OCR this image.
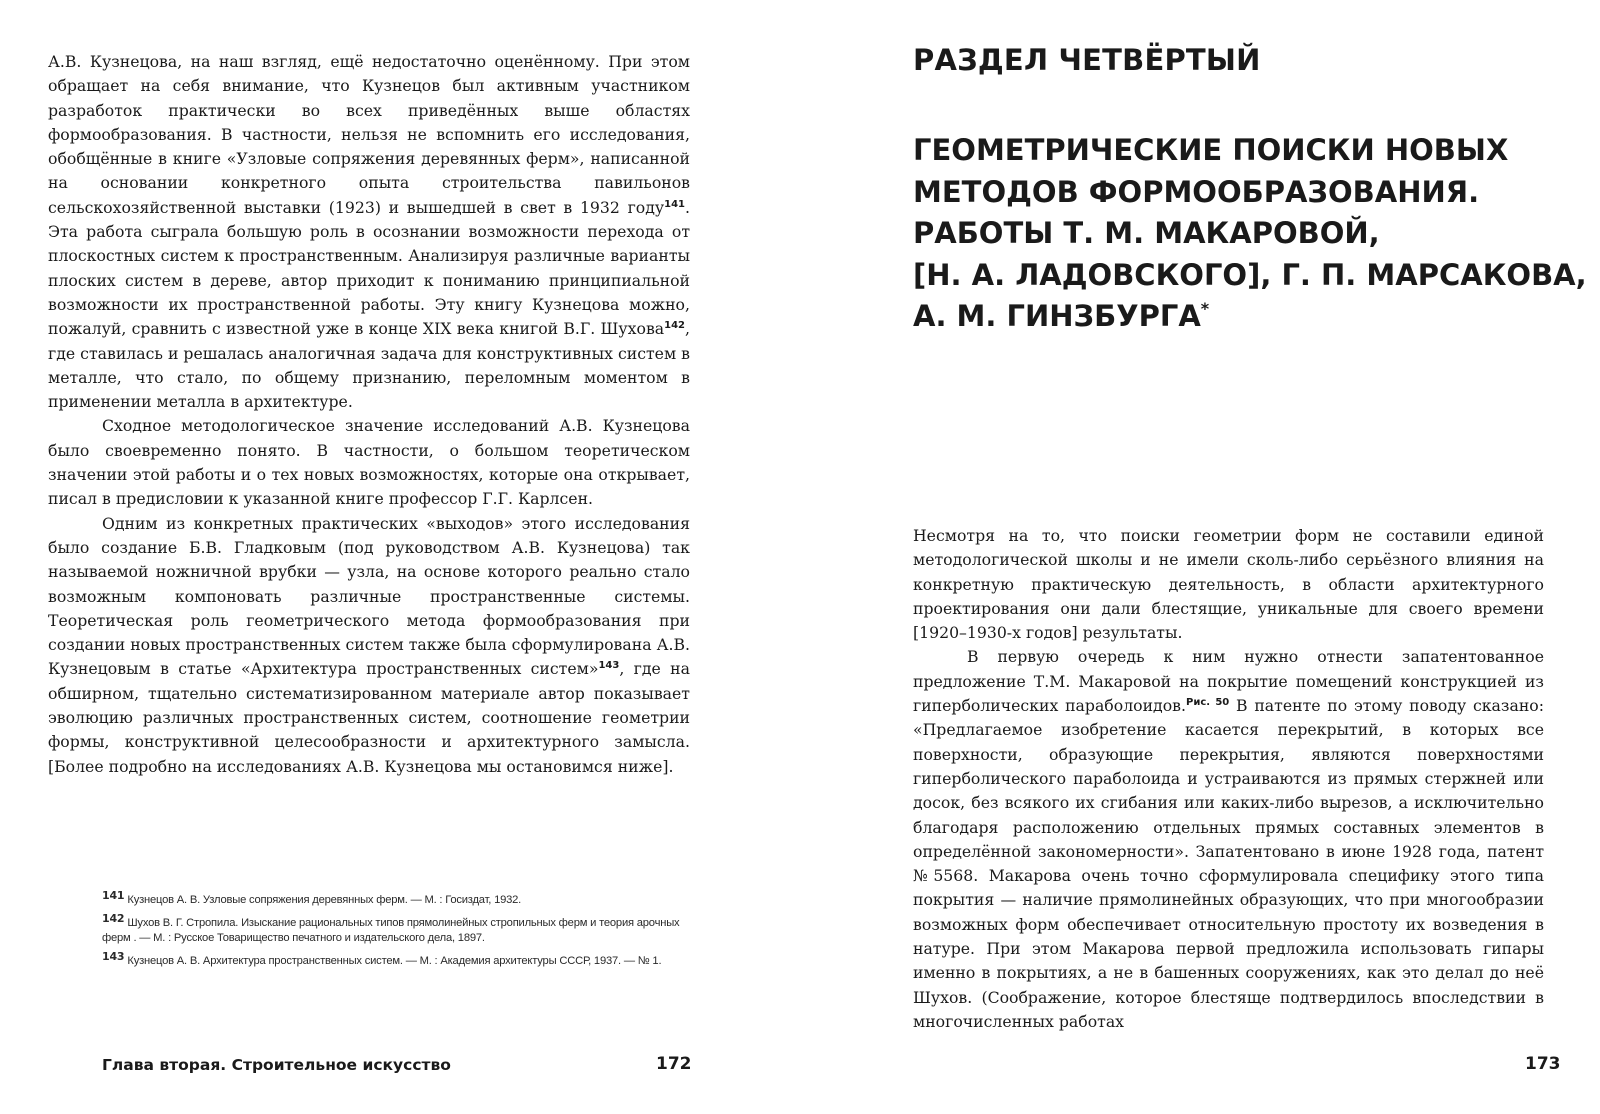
А.В. Кузнецова, на наш взгляд, ещё недостаточно оценённому. При этом обращает на себя внимание, что Кузнецов был активным участником разработок практически во всех приведённых выше областях формообразования. В частности, нельзя не вспомнить его исследования, обобщённые в книге «Узловые сопряжения деревянных ферм», написанной на основании конкретного опыта строительства павильонов сельскохозяйственной выставки (1923) и вышедшей в свет в 1932 году$^{141}$. Эта работа сыграла большую роль в осознании возможности перехода от плоскостных систем к пространственным. Анализируя различные варианты плоских систем в дереве, автор приходит к пониманию принципиальной возможности их пространственной работы. Эту книгу Кузнецова можно, пожалуй, сравнить с известной уже в конце XIX века книгой В.Г. Шухова$^{142}$, где ставилась и решалась аналогичная задача для конструктивных систем в металле, что стало, по общему признанию, переломным моментом в применении металла в архитектуре.

Сходное методологическое значение исследований А.В. Кузнецова было своевременно понято. В частности, о большом теоретическом значении этой работы и о тех новых возможностях, которые она открывает, писал в предисловии к указанной книге профессор Г.Г. Карлсен.

Одним из конкретных практических «выходов» этого исследования было создание Б.В. Гладковым (под руководством А.В. Кузнецова) так называемой ножничной врубки — узла, на основе которого реально стало возможным компоновать различные пространственные системы. Теоретическая роль геометрического метода формообразования при создании новых пространственных систем также была сформулирована А.В. Кузнецовым в статье «Архитектура пространственных систем»$^{143}$, где на обширном, тщательно систематизированном материале автор показывает эволюцию различных пространственных систем, соотношение геометрии формы, конструктивной целесообразности и архитектурного замысла. [Более подробно на исследованиях А.В. Кузнецова мы остановимся ниже].

$^{141}$ Кузнецов А. В. Узловые сопряжения деревянных ферм. — М. : Госиздат, 1932.

$^{142}$ Шухов В. Г. Стропила. Изыскание рациональных типов прямолинейных стропильных ферм и теория арочных ферм . — М. : Русское Товарищество печатного и издательского дела, 1897.

$^{143}$ Кузнецов А. В. Архитектура пространственных систем. — М. : Академия архитектуры СССР, 1937. — № 1.

Глава вторая. Строительное искусство	172
РАЗДЕЛ ЧЕТВЁРТЫЙ
ГЕОМЕТРИЧЕСКИЕ ПОИСКИ НОВЫХ
МЕТОДОВ ФОРМООБРАЗОВАНИЯ.
РАБОТЫ Т. М. МАКАРОВОЙ,
[Н. А. ЛАДОВСКОГО], Г. П. МАРСАКОВА,
А. М. ГИНЗБУРГА*

Несмотря на то, что поиски геометрии форм не составили единой методологической школы и не имели сколь-либо серьёзного влияния на конкретную практическую деятельность, в области архитектурного проектирования они дали блестящие, уникальные для своего времени [1920–1930-х годов] результаты.

В первую очередь к ним нужно отнести запатентованное предложение Т.М. Макаровой на покрытие помещений конструкцией из гиперболических параболоидов.$^{Рис. 50}$ В патенте по этому поводу сказано: «Предлагаемое изобретение касается перекрытий, в которых все поверхности, образующие перекрытия, являются поверхностями гиперболического параболоида и устраиваются из прямых стержней или досок, без всякого их сгибания или каких-либо вырезов, а исключительно благодаря расположению отдельных прямых составных элементов в определённой закономерности». Запатентовано в июне 1928 года, патент №5568. Макарова очень точно сформулировала специфику этого типа покрытия — наличие прямолинейных образующих, что при многообразии возможных форм обеспечивает относительную простоту их возведения в натуре. При этом Макарова первой предложила использовать гипары именно в покрытиях, а не в башенных сооружениях, как это делал до неё Шухов. (Соображение, которое блестяще подтвердилось впоследствии в многочисленных работах

173
